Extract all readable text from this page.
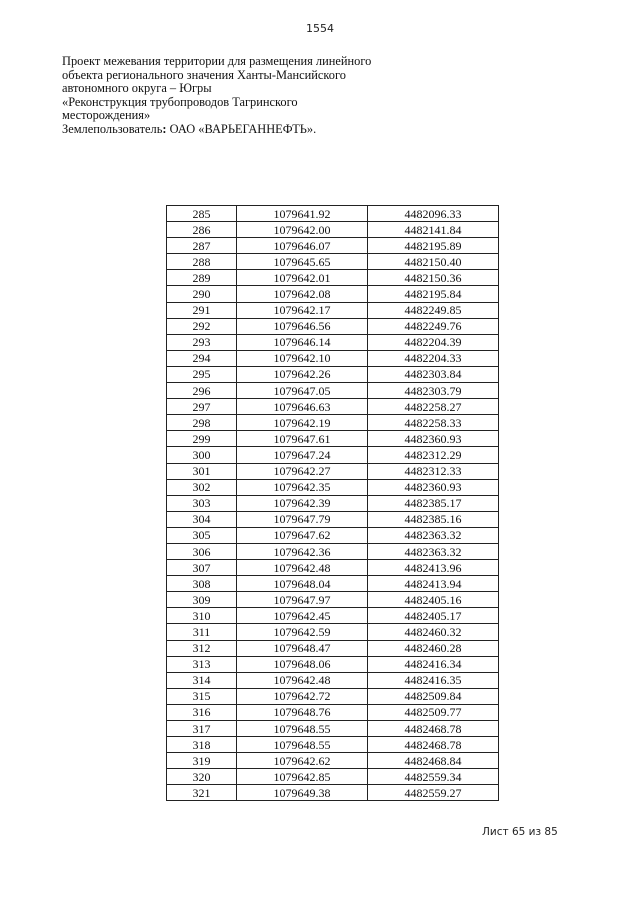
1554
Проект межевания территории для размещения линейного
объекта регионального значения Ханты-Мансийского
автономного округа – Югры
«Реконструкция трубопроводов Тагринского
месторождения»
Землепользователь: ОАО «ВАРЬЕГАННЕФТЬ».
285	1079641.92	4482096.33
286	1079642.00	4482141.84
287	1079646.07	4482195.89
288	1079645.65	4482150.40
289	1079642.01	4482150.36
290	1079642.08	4482195.84
291	1079642.17	4482249.85
292	1079646.56	4482249.76
293	1079646.14	4482204.39
294	1079642.10	4482204.33
295	1079642.26	4482303.84
296	1079647.05	4482303.79
297	1079646.63	4482258.27
298	1079642.19	4482258.33
299	1079647.61	4482360.93
300	1079647.24	4482312.29
301	1079642.27	4482312.33
302	1079642.35	4482360.93
303	1079642.39	4482385.17
304	1079647.79	4482385.16
305	1079647.62	4482363.32
306	1079642.36	4482363.32
307	1079642.48	4482413.96
308	1079648.04	4482413.94
309	1079647.97	4482405.16
310	1079642.45	4482405.17
311	1079642.59	4482460.32
312	1079648.47	4482460.28
313	1079648.06	4482416.34
314	1079642.48	4482416.35
315	1079642.72	4482509.84
316	1079648.76	4482509.77
317	1079648.55	4482468.78
318	1079648.55	4482468.78
319	1079642.62	4482468.84
320	1079642.85	4482559.34
321	1079649.38	4482559.27
Лист 65 из 85
